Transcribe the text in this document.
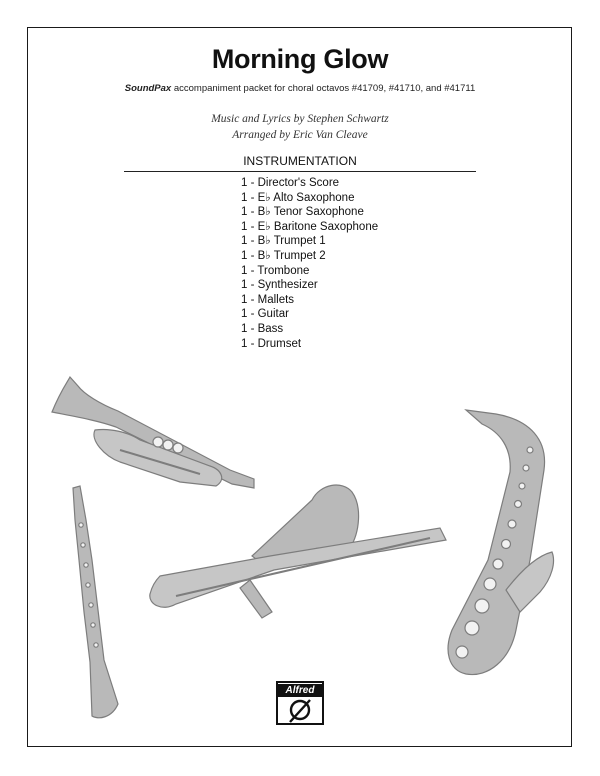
Morning Glow
SoundPax accompaniment packet for choral octavos #41709, #41710, and #41711
Music and Lyrics by Stephen Schwartz
Arranged by Eric Van Cleave
INSTRUMENTATION
1 - Director's Score
1 - E♭ Alto Saxophone
1 - B♭ Tenor Saxophone
1 - E♭ Baritone Saxophone
1 - B♭ Trumpet 1
1 - B♭ Trumpet 2
1 - Trombone
1 - Synthesizer
1 - Mallets
1 - Guitar
1 - Bass
1 - Drumset
Alfred
